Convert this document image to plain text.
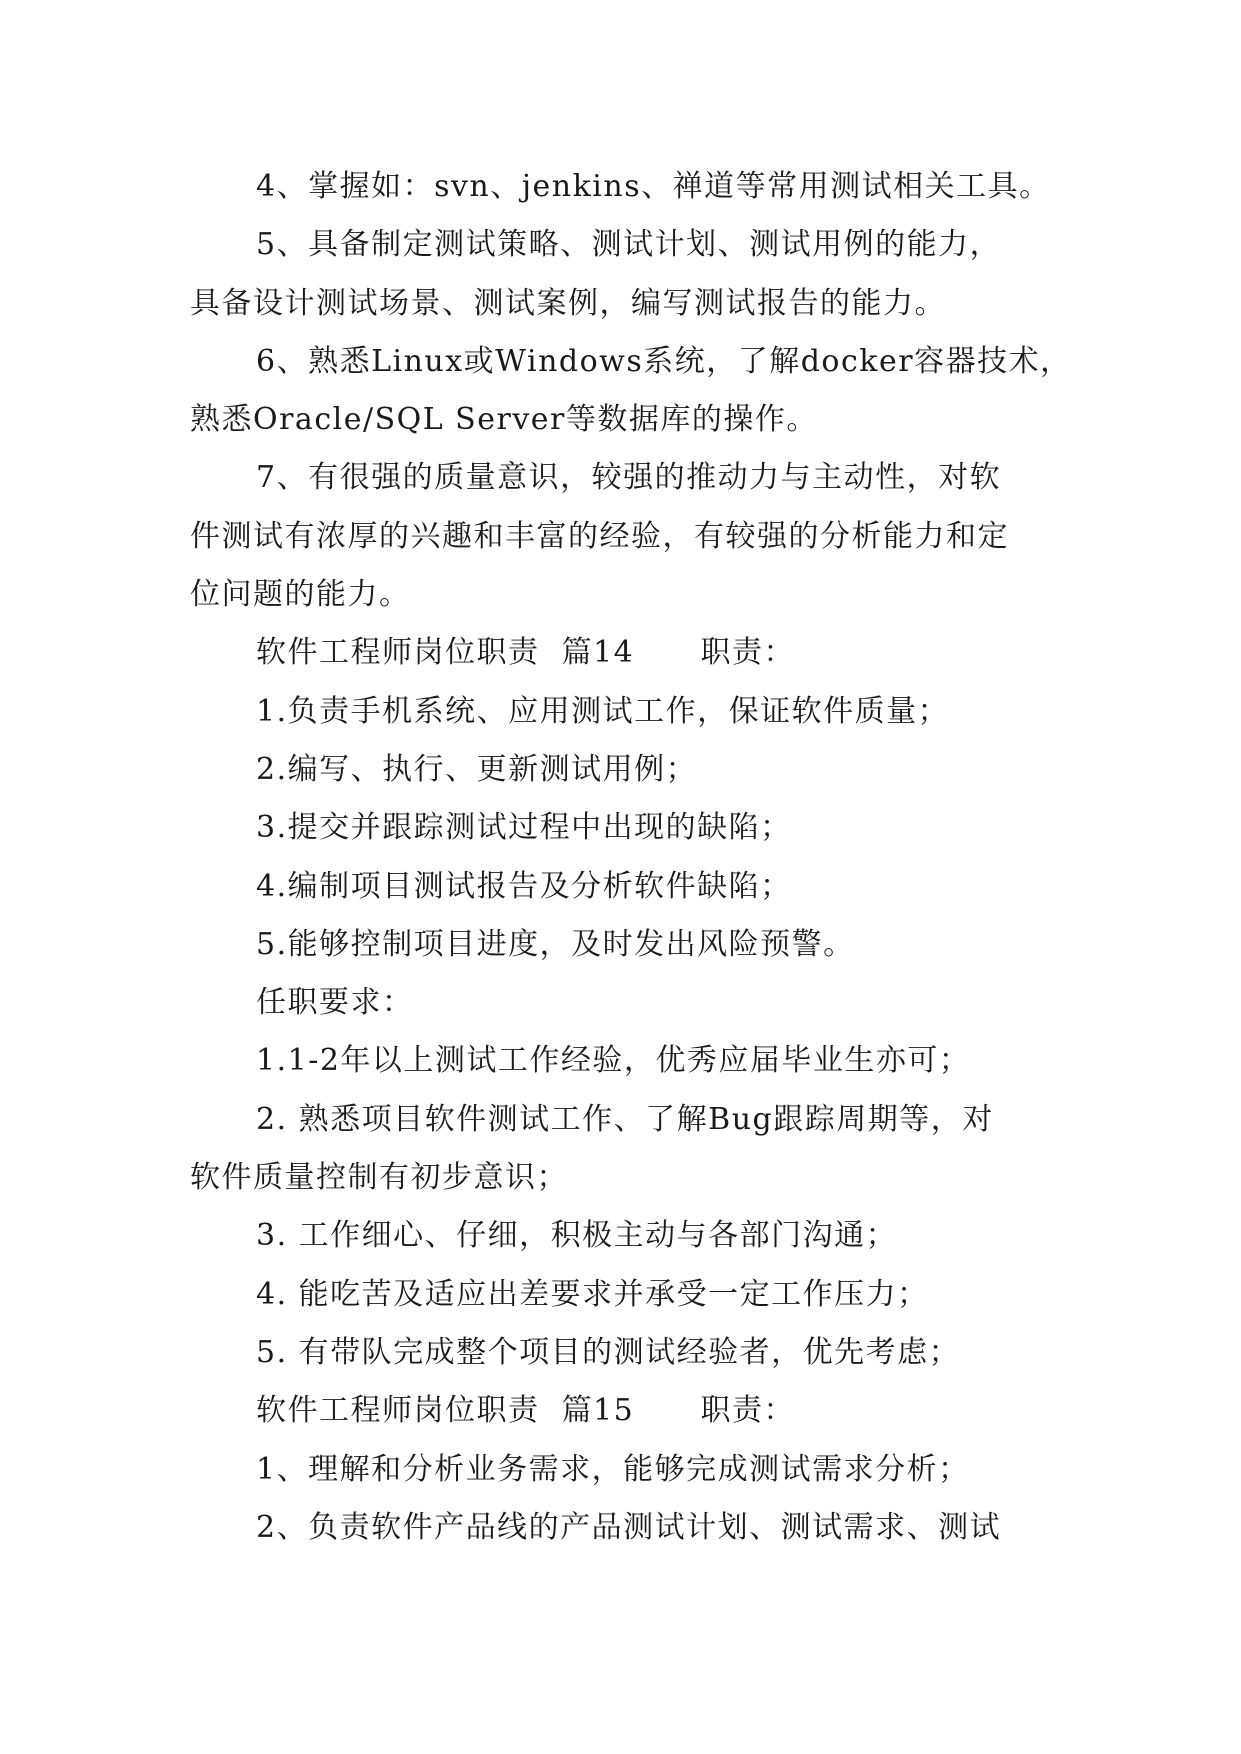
4、掌握如：svn、jenkins、禅道等常用测试相关工具。
5、具备制定测试策略、测试计划、测试用例的能力，
具备设计测试场景、测试案例，编写测试报告的能力。
6、熟悉Linux或Windows系统，了解docker容器技术，
熟悉Oracle/SQL Server等数据库的操作。
7、有很强的质量意识，较强的推动力与主动性，对软
件测试有浓厚的兴趣和丰富的经验，有较强的分析能力和定
位问题的能力。
软件工程师岗位职责  篇14      职责：
1.负责手机系统、应用测试工作，保证软件质量；
2.编写、执行、更新测试用例；
3.提交并跟踪测试过程中出现的缺陷；
4.编制项目测试报告及分析软件缺陷；
5.能够控制项目进度，及时发出风险预警。
任职要求：
1.1-2年以上测试工作经验，优秀应届毕业生亦可；
2. 熟悉项目软件测试工作、了解Bug跟踪周期等，对
软件质量控制有初步意识；
3. 工作细心、仔细，积极主动与各部门沟通；
4. 能吃苦及适应出差要求并承受一定工作压力；
5. 有带队完成整个项目的测试经验者，优先考虑；
软件工程师岗位职责  篇15      职责：
1、理解和分析业务需求，能够完成测试需求分析；
2、负责软件产品线的产品测试计划、测试需求、测试
